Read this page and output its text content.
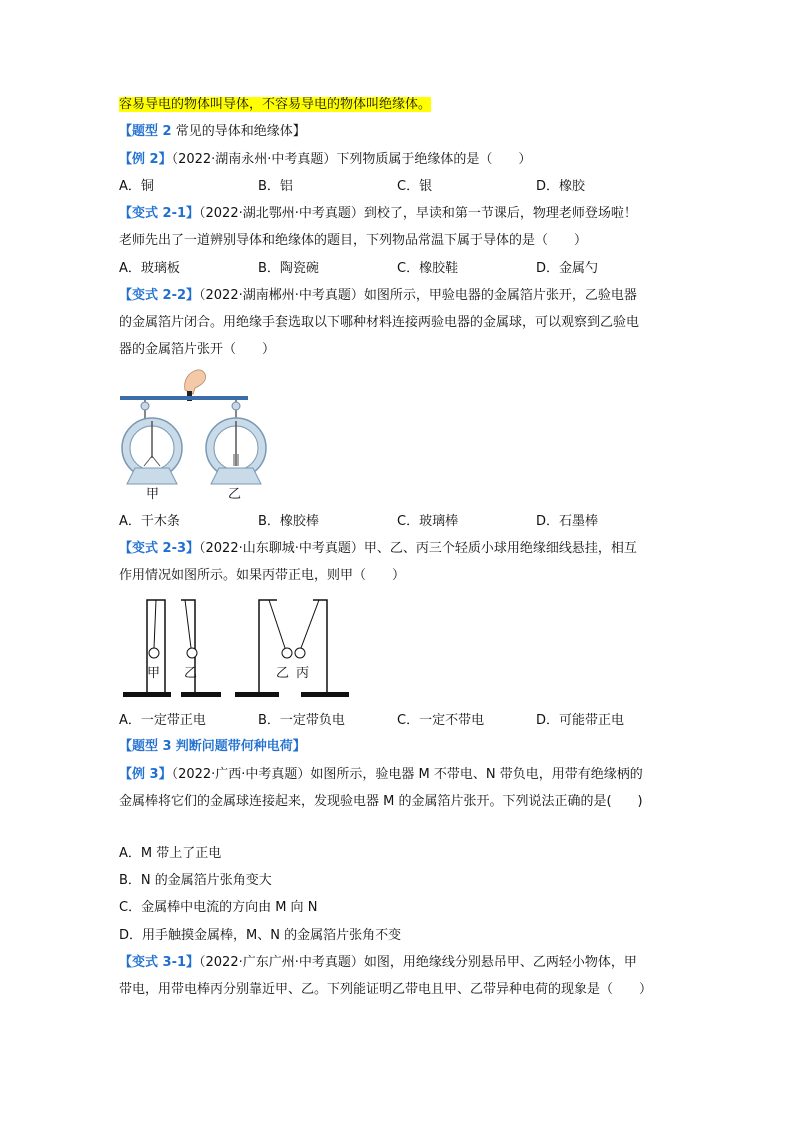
容易导电的物体叫导体，不容易导电的物体叫绝缘体。
【题型 2 常见的导体和绝缘体】
【例 2】（2022·湖南永州·中考真题）下列物质属于绝缘体的是（　　）
A．铜	B．铝	C．银	D．橡胶
【变式 2-1】（2022·湖北鄂州·中考真题）到校了，早读和第一节课后，物理老师登场啦！
老师先出了一道辨别导体和绝缘体的题目，下列物品常温下属于导体的是（　　）
A．玻璃板	B．陶瓷碗	C．橡胶鞋	D．金属勺
【变式 2-2】（2022·湖南郴州·中考真题）如图所示，甲验电器的金属箔片张开，乙验电器
的金属箔片闭合。用绝缘手套选取以下哪种材料连接两验电器的金属球，可以观察到乙验电
器的金属箔片张开（　　）
甲	乙
A．干木条	B．橡胶棒	C．玻璃棒	D．石墨棒
【变式 2-3】（2022·山东聊城·中考真题）甲、乙、丙三个轻质小球用绝缘细线悬挂，相互
作用情况如图所示。如果丙带正电，则甲（　　）
甲 乙	乙 丙
A．一定带正电	B．一定带负电	C．一定不带电	D．可能带正电
【题型 3 判断问题带何种电荷】
【例 3】（2022·广西·中考真题）如图所示，验电器 M 不带电、N 带负电，用带有绝缘柄的
金属棒将它们的金属球连接起来，发现验电器 M 的金属箔片张开。下列说法正确的是(　　)
A．M 带上了正电
B．N 的金属箔片张角变大
C．金属棒中电流的方向由 M 向 N
D．用手触摸金属棒，M、N 的金属箔片张角不变
【变式 3-1】（2022·广东广州·中考真题）如图，用绝缘线分别悬吊甲、乙两轻小物体，甲
带电，用带电棒丙分别靠近甲、乙。下列能证明乙带电且甲、乙带异种电荷的现象是（　　）
